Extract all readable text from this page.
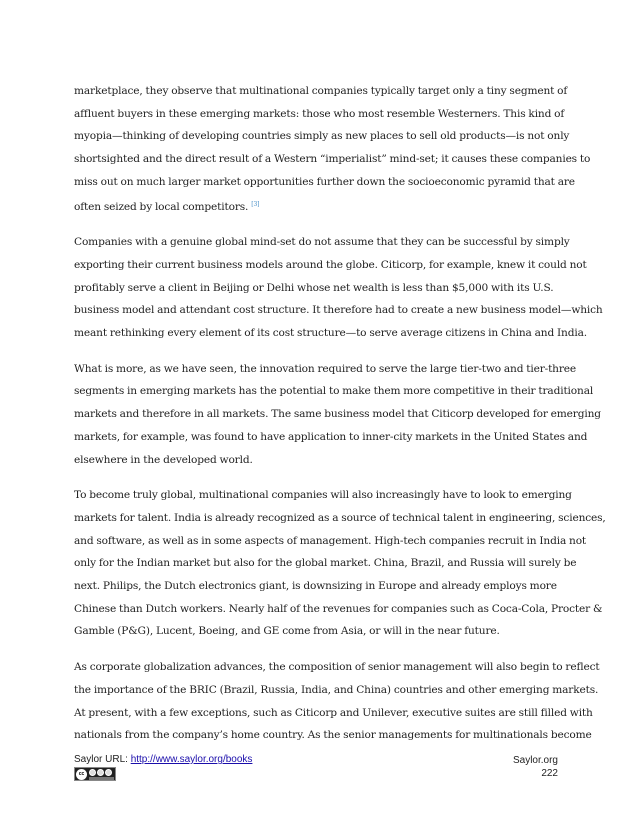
marketplace, they observe that multinational companies typically target only a tiny segment of
affluent buyers in these emerging markets: those who most resemble Westerners. This kind of
myopia—thinking of developing countries simply as new places to sell old products—is not only
shortsighted and the direct result of a Western “imperialist” mind-set; it causes these companies to
miss out on much larger market opportunities further down the socioeconomic pyramid that are
often seized by local competitors. [3]

Companies with a genuine global mind-set do not assume that they can be successful by simply
exporting their current business models around the globe. Citicorp, for example, knew it could not
profitably serve a client in Beijing or Delhi whose net wealth is less than $5,000 with its U.S.
business model and attendant cost structure. It therefore had to create a new business model—which
meant rethinking every element of its cost structure—to serve average citizens in China and India.

What is more, as we have seen, the innovation required to serve the large tier-two and tier-three
segments in emerging markets has the potential to make them more competitive in their traditional
markets and therefore in all markets. The same business model that Citicorp developed for emerging
markets, for example, was found to have application to inner-city markets in the United States and
elsewhere in the developed world.

To become truly global, multinational companies will also increasingly have to look to emerging
markets for talent. India is already recognized as a source of technical talent in engineering, sciences,
and software, as well as in some aspects of management. High-tech companies recruit in India not
only for the Indian market but also for the global market. China, Brazil, and Russia will surely be
next. Philips, the Dutch electronics giant, is downsizing in Europe and already employs more
Chinese than Dutch workers. Nearly half of the revenues for companies such as Coca-Cola, Procter &
Gamble (P&G), Lucent, Boeing, and GE come from Asia, or will in the near future.

As corporate globalization advances, the composition of senior management will also begin to reflect
the importance of the BRIC (Brazil, Russia, India, and China) countries and other emerging markets.
At present, with a few exceptions, such as Citicorp and Unilever, executive suites are still filled with
nationals from the company’s home country. As the senior managements for multinationals become

Saylor URL: http://www.saylor.org/books
cc
Saylor.org
222
